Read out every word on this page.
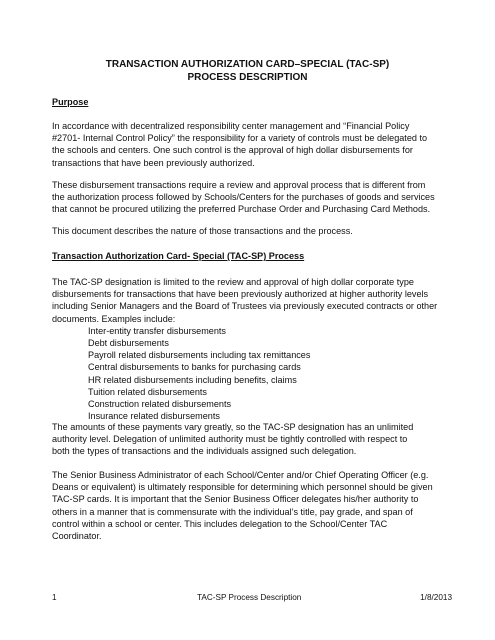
TRANSACTION AUTHORIZATION CARD–SPECIAL (TAC-SP)
PROCESS DESCRIPTION
Purpose
In accordance with decentralized responsibility center management and “Financial Policy
#2701- Internal Control Policy” the responsibility for a variety of controls must be delegated to
the schools and centers. One such control is the approval of high dollar disbursements for
transactions that have been previously authorized.
These disbursement transactions require a review and approval process that is different from
the authorization process followed by Schools/Centers for the purchases of goods and services
that cannot be procured utilizing the preferred Purchase Order and Purchasing Card Methods.
This document describes the nature of those transactions and the process.
Transaction Authorization Card- Special (TAC-SP) Process
The TAC-SP designation is limited to the review and approval of high dollar corporate type
disbursements for transactions that have been previously authorized at higher authority levels
including Senior Managers and the Board of Trustees via previously executed contracts or other
documents. Examples include:
Inter-entity transfer disbursements
Debt disbursements
Payroll related disbursements including tax remittances
Central disbursements to banks for purchasing cards
HR related disbursements including benefits, claims
Tuition related disbursements
Construction related disbursements
Insurance related disbursements
The amounts of these payments vary greatly, so the TAC-SP designation has an unlimited
authority level. Delegation of unlimited authority must be tightly controlled with respect to
both the types of transactions and the individuals assigned such delegation.
The Senior Business Administrator of each School/Center and/or Chief Operating Officer (e.g.
Deans or equivalent) is ultimately responsible for determining which personnel should be given
TAC-SP cards. It is important that the Senior Business Officer delegates his/her authority to
others in a manner that is commensurate with the individual’s title, pay grade, and span of
control within a school or center. This includes delegation to the School/Center TAC
Coordinator.
1	TAC-SP Process Description	1/8/2013
